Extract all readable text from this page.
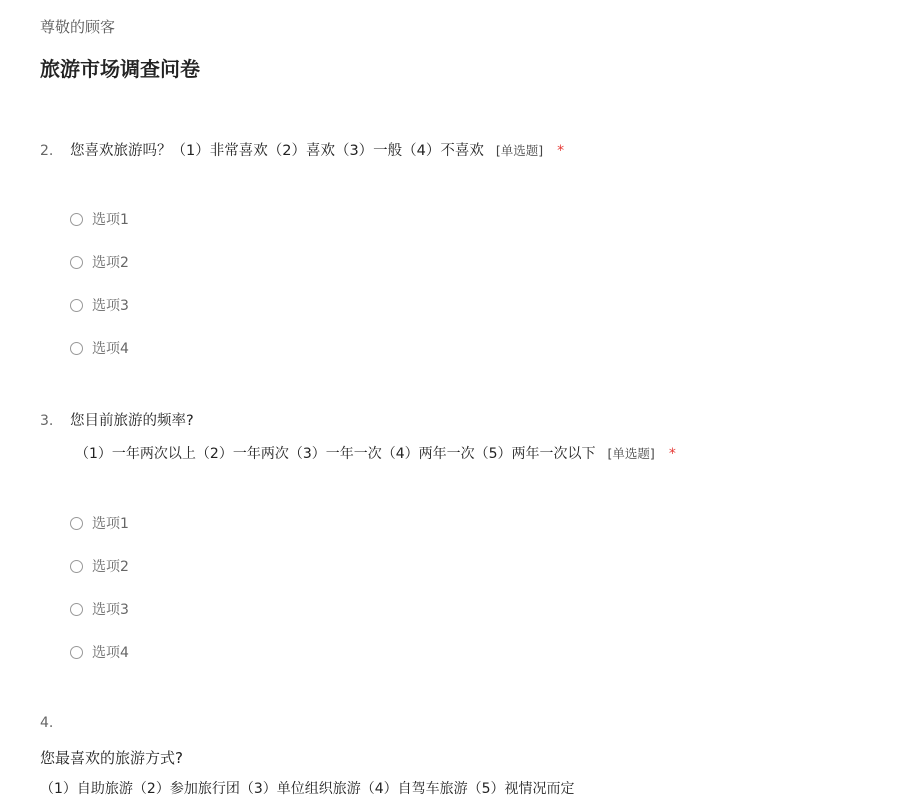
尊敬的顾客
旅游市场调查问卷
2. 您喜欢旅游吗？（1）非常喜欢（2）喜欢（3）一般（4）不喜欢 [单选题] *
选项1
选项2
选项3
选项4
3. 您目前旅游的频率?
（1）一年两次以上（2）一年两次（3）一年一次（4）两年一次（5）两年一次以下 [单选题] *
选项1
选项2
选项3
选项4
4.
您最喜欢的旅游方式?
（1）自助旅游（2）参加旅行团（3）单位组织旅游（4）自驾车旅游（5）视情况而定
